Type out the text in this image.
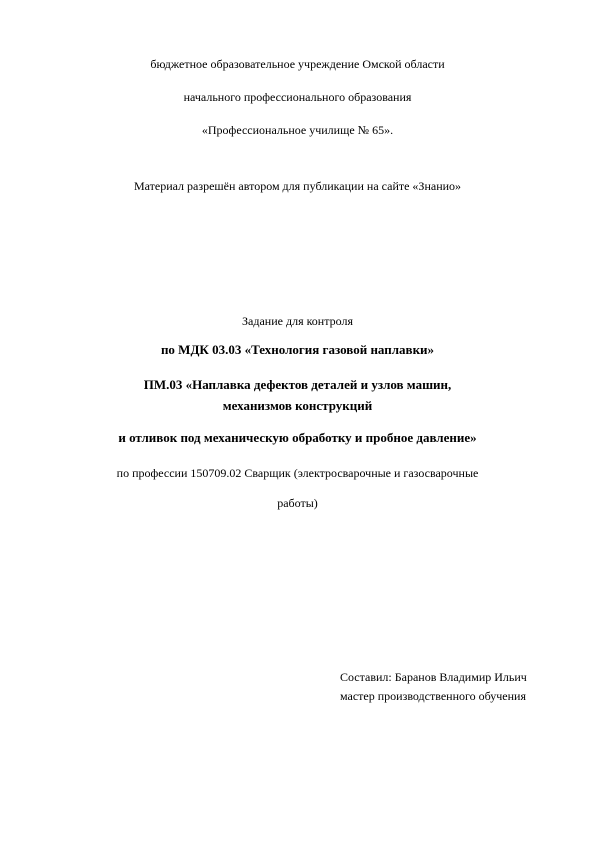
бюджетное образовательное учреждение Омской области
начального профессионального образования
«Профессиональное училище № 65».
Материал разрешён автором для публикации на сайте «Знанио»
Задание для контроля
по МДК 03.03 «Технология газовой наплавки»
ПМ.03 «Наплавка дефектов деталей и узлов машин,
механизмов конструкций
и отливок под механическую обработку и пробное давление»
по профессии 150709.02 Сварщик (электросварочные и газосварочные
работы)
Составил: Баранов Владимир Ильич
мастер производственного обучения
